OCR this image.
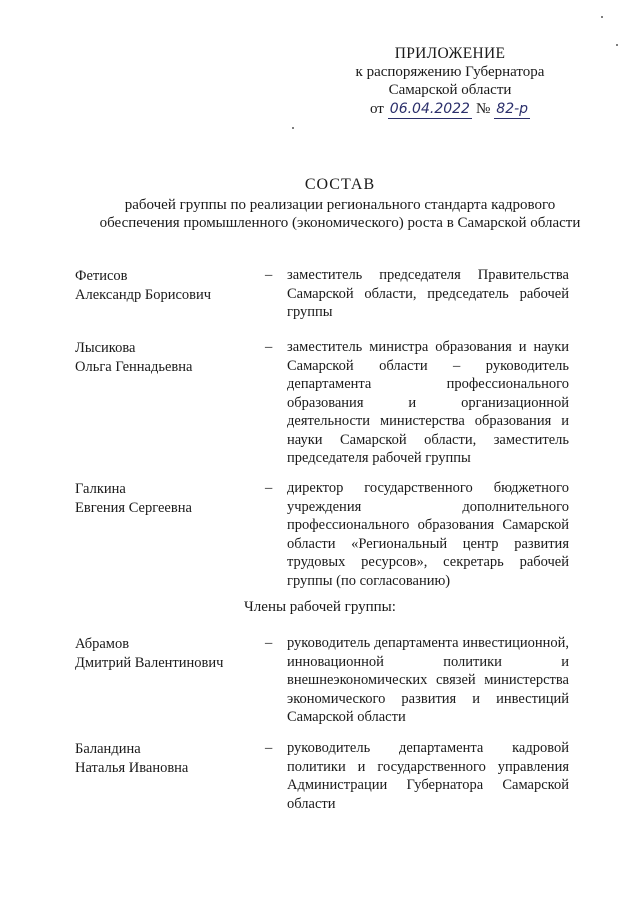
ПРИЛОЖЕНИЕ
к распоряжению Губернатора
Самарской области
от 06.04.2022 № 82-р
СОСТАВ
рабочей группы по реализации регионального стандарта кадрового
обеспечения промышленного (экономического) роста в Самарской области
Фетисов
Александр Борисович
–	заместитель председателя Правительства Самарской области, председатель рабочей группы
Лысикова
Ольга Геннадьевна
–	заместитель министра образования и науки Самарской области – руководитель департамента профессионального образования и организационной деятельности министерства образования и науки Самарской области, заместитель председателя рабочей группы
Галкина
Евгения Сергеевна
–	директор государственного бюджетного учреждения дополнительного профессионального образования Самарской области «Региональный центр развития трудовых ресурсов», секретарь рабочей группы (по согласованию)
Члены рабочей группы:
Абрамов
Дмитрий Валентинович
–	руководитель департамента инвестиционной, инновационной политики и внешнеэкономических связей министерства экономического развития и инвестиций Самарской области
Баландина
Наталья Ивановна
–	руководитель департамента кадровой политики и государственного управления Администрации Губернатора Самарской области
